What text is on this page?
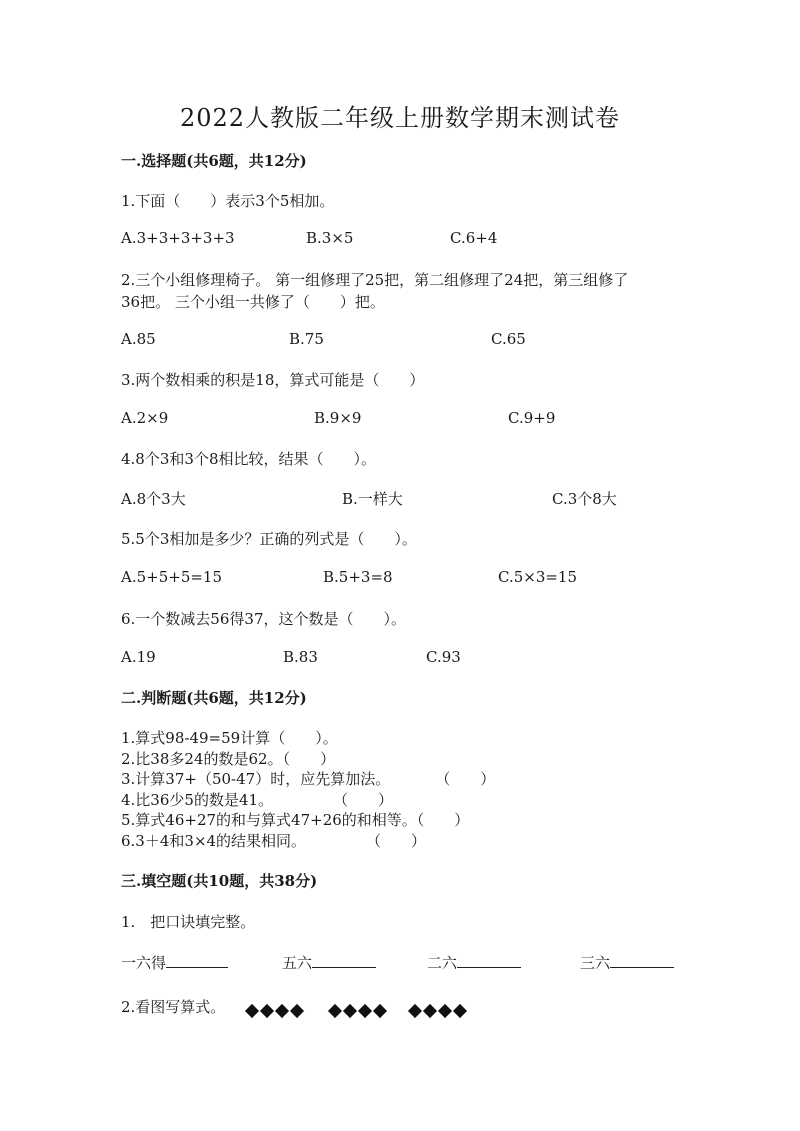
2022人教版二年级上册数学期末测试卷
一.选择题(共6题，共12分)
1.下面（　　）表示3个5相加。
A.3+3+3+3+3	B.3×5	C.6+4
2.三个小组修理椅子。 第一组修理了25把，第二组修理了24把，第三组修了
36把。 三个小组一共修了（　　）把。
A.85	B.75	C.65
3.两个数相乘的积是18，算式可能是（　　）
A.2×9	B.9×9	C.9+9
4.8个3和3个8相比较，结果（　　）。
A.8个3大	B.一样大	C.3个8大
5.5个3相加是多少？正确的列式是（　　）。
A.5+5+5=15	B.5+3=8	C.5×3=15
6.一个数减去56得37，这个数是（　　）。
A.19	B.83	C.93
二.判断题(共6题，共12分)
1.算式98-49=59计算（　　）。
2.比38多24的数是62。（　　）
3.计算37+（50-47）时，应先算加法。　　　　（　　）
4.比36少5的数是41。　　　　　（　　）
5.算式46+27的和与算式47+26的和相等。（　　）
6.3＋4和3×4的结果相同。　　　　　（　　）
三.填空题(共10题，共38分)
1.　把口诀填完整。
一六得	五六	二六	三六
2.看图写算式。
